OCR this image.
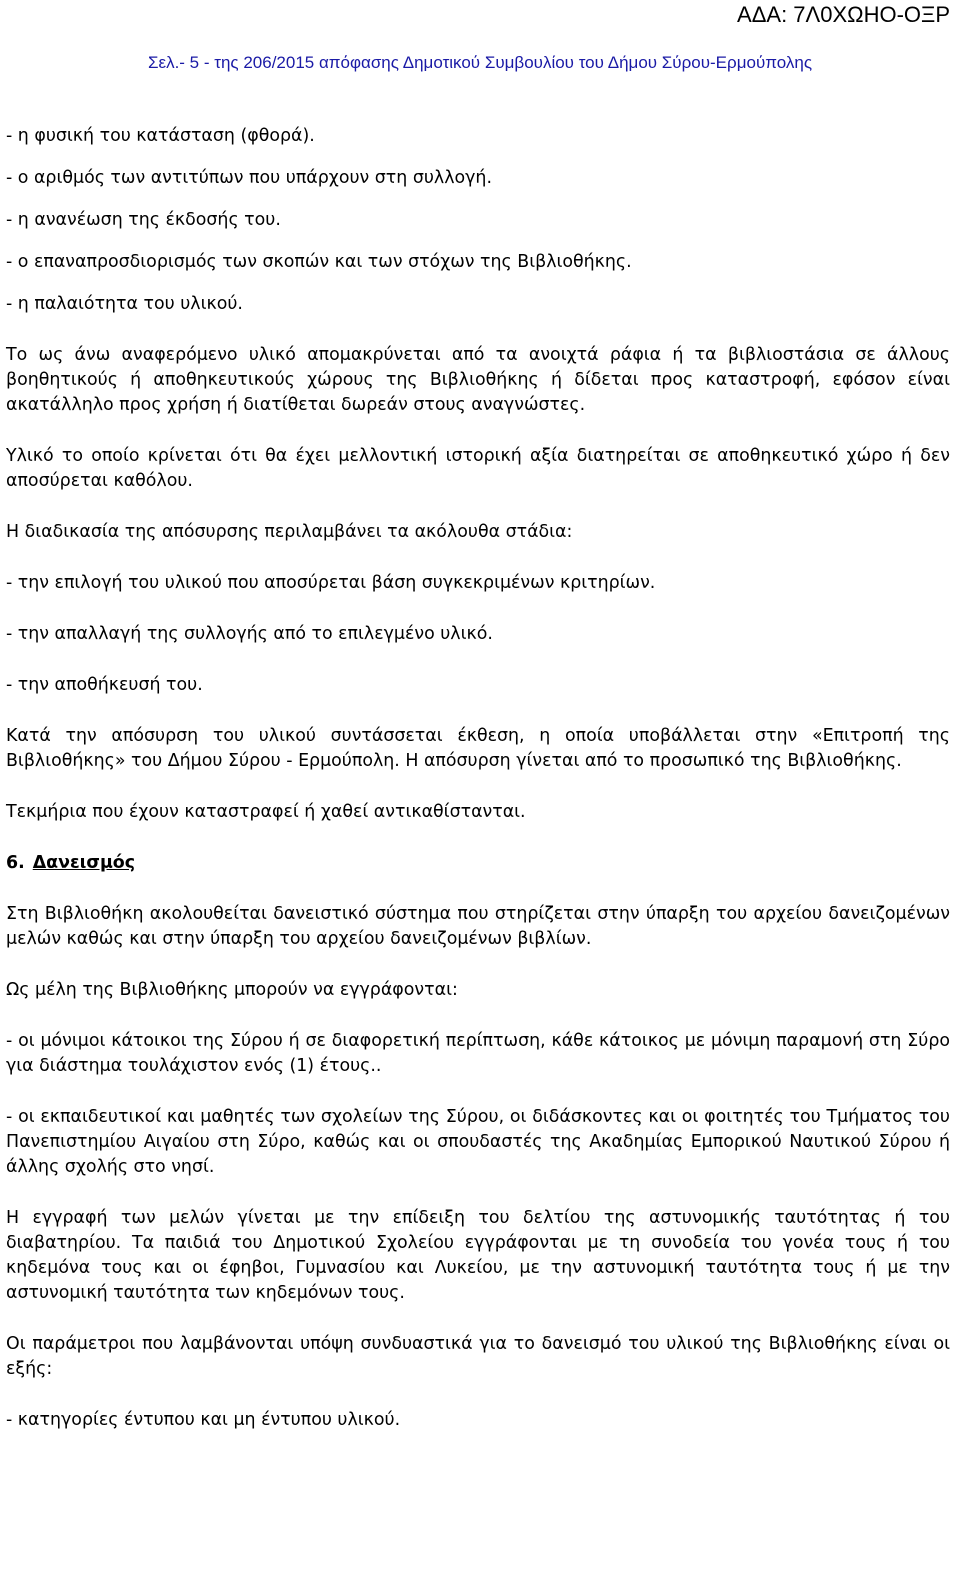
ΑΔΑ: 7Λ0ΧΩΗΟ-ΟΞΡ
Σελ.- 5 - της 206/2015 απόφασης Δημοτικού Συμβουλίου του Δήμου Σύρου-Ερμούπολης

- η φυσική του κατάσταση (φθορά).

- ο αριθμός των αντιτύπων που υπάρχουν στη συλλογή.

- η ανανέωση της έκδοσής του.

- ο επαναπροσδιορισμός των σκοπών και των στόχων της Βιβλιοθήκης.

- η παλαιότητα του υλικού.

Το ως άνω αναφερόμενο υλικό απομακρύνεται από τα ανοιχτά ράφια ή τα βιβλιοστάσια σε άλλους βοηθητικούς ή αποθηκευτικούς χώρους της Βιβλιοθήκης ή δίδεται προς καταστροφή, εφόσον είναι ακατάλληλο προς χρήση ή διατίθεται δωρεάν στους αναγνώστες.

Υλικό το οποίο κρίνεται ότι θα έχει μελλοντική ιστορική αξία διατηρείται σε αποθηκευτικό χώρο ή δεν αποσύρεται καθόλου.

Η διαδικασία της απόσυρσης περιλαμβάνει τα ακόλουθα στάδια:

- την επιλογή του υλικού που αποσύρεται βάση συγκεκριμένων κριτηρίων.

- την απαλλαγή της συλλογής από το επιλεγμένο υλικό.

- την αποθήκευσή του.

Κατά την απόσυρση του υλικού συντάσσεται έκθεση, η οποία υποβάλλεται στην «Επιτροπή της Βιβλιοθήκης» του Δήμου Σύρου - Ερμούπολη. Η απόσυρση γίνεται από το προσωπικό της Βιβλιοθήκης.

Τεκμήρια που έχουν καταστραφεί ή χαθεί αντικαθίστανται.

6. Δανεισμός

Στη Βιβλιοθήκη ακολουθείται δανειστικό σύστημα που στηρίζεται στην ύπαρξη του αρχείου δανειζομένων μελών καθώς και στην ύπαρξη του αρχείου δανειζομένων βιβλίων.

Ως μέλη της Βιβλιοθήκης μπορούν να εγγράφονται:

- οι μόνιμοι κάτοικοι της Σύρου ή σε διαφορετική περίπτωση, κάθε κάτοικος με μόνιμη παραμονή στη Σύρο για διάστημα τουλάχιστον ενός (1) έτους..

- οι εκπαιδευτικοί και μαθητές των σχολείων της Σύρου, οι διδάσκοντες και οι φοιτητές του Τμήματος του Πανεπιστημίου Αιγαίου στη Σύρο, καθώς και οι σπουδαστές της Ακαδημίας Εμπορικού Ναυτικού Σύρου ή άλλης σχολής στο νησί.

Η εγγραφή των μελών γίνεται με την επίδειξη του δελτίου της αστυνομικής ταυτότητας ή του διαβατηρίου. Τα παιδιά του Δημοτικού Σχολείου εγγράφονται με τη συνοδεία του γονέα τους ή του κηδεμόνα τους και οι έφηβοι, Γυμνασίου και Λυκείου, με την αστυνομική ταυτότητα τους ή με την αστυνομική ταυτότητα των κηδεμόνων τους.

Οι παράμετροι που λαμβάνονται υπόψη συνδυαστικά για το δανεισμό του υλικού της Βιβλιοθήκης είναι οι εξής:

- κατηγορίες έντυπου και μη έντυπου υλικού.
